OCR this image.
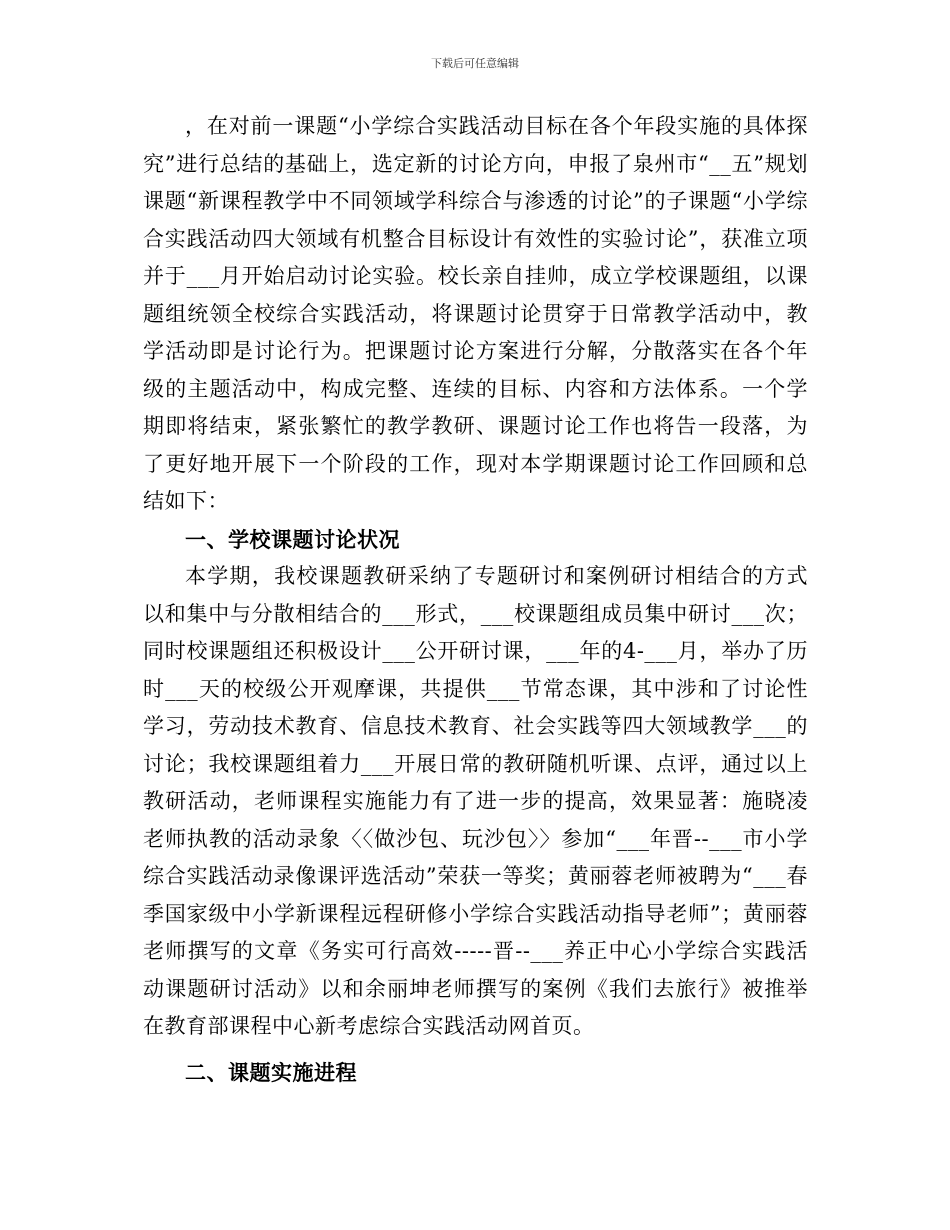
下载后可任意编辑

，在对前一课题“小学综合实践活动目标在各个年段实施的具体探究”进行总结的基础上，选定新的讨论方向，申报了泉州市“__五”规划课题“新课程教学中不同领域学科综合与渗透的讨论”的子课题“小学综合实践活动四大领域有机整合目标设计有效性的实验讨论”，获准立项并于___月开始启动讨论实验。校长亲自挂帅，成立学校课题组，以课题组统领全校综合实践活动，将课题讨论贯穿于日常教学活动中，教学活动即是讨论行为。把课题讨论方案进行分解，分散落实在各个年级的主题活动中，构成完整、连续的目标、内容和方法体系。一个学期即将结束，紧张繁忙的教学教研、课题讨论工作也将告一段落，为了更好地开展下一个阶段的工作，现对本学期课题讨论工作回顾和总结如下：

一、学校课题讨论状况

本学期，我校课题教研采纳了专题研讨和案例研讨相结合的方式以和集中与分散相结合的___形式，___校课题组成员集中研讨___次；同时校课题组还积极设计___公开研讨课，___年的4-___月，举办了历时___天的校级公开观摩课，共提供___节常态课，其中涉和了讨论性学习，劳动技术教育、信息技术教育、社会实践等四大领域教学___的讨论；我校课题组着力___开展日常的教研随机听课、点评，通过以上教研活动，老师课程实施能力有了进一步的提高，效果显著：施晓凌老师执教的活动录象〈〈做沙包、玩沙包〉〉参加“___年晋--___市小学综合实践活动录像课评选活动”荣获一等奖；黄丽蓉老师被聘为“___春季国家级中小学新课程远程研修小学综合实践活动指导老师”；黄丽蓉老师撰写的文章《务实可行高效-----晋--___养正中心小学综合实践活动课题研讨活动》以和余丽坤老师撰写的案例《我们去旅行》被推举在教育部课程中心新考虑综合实践活动网首页。

二、课题实施进程
